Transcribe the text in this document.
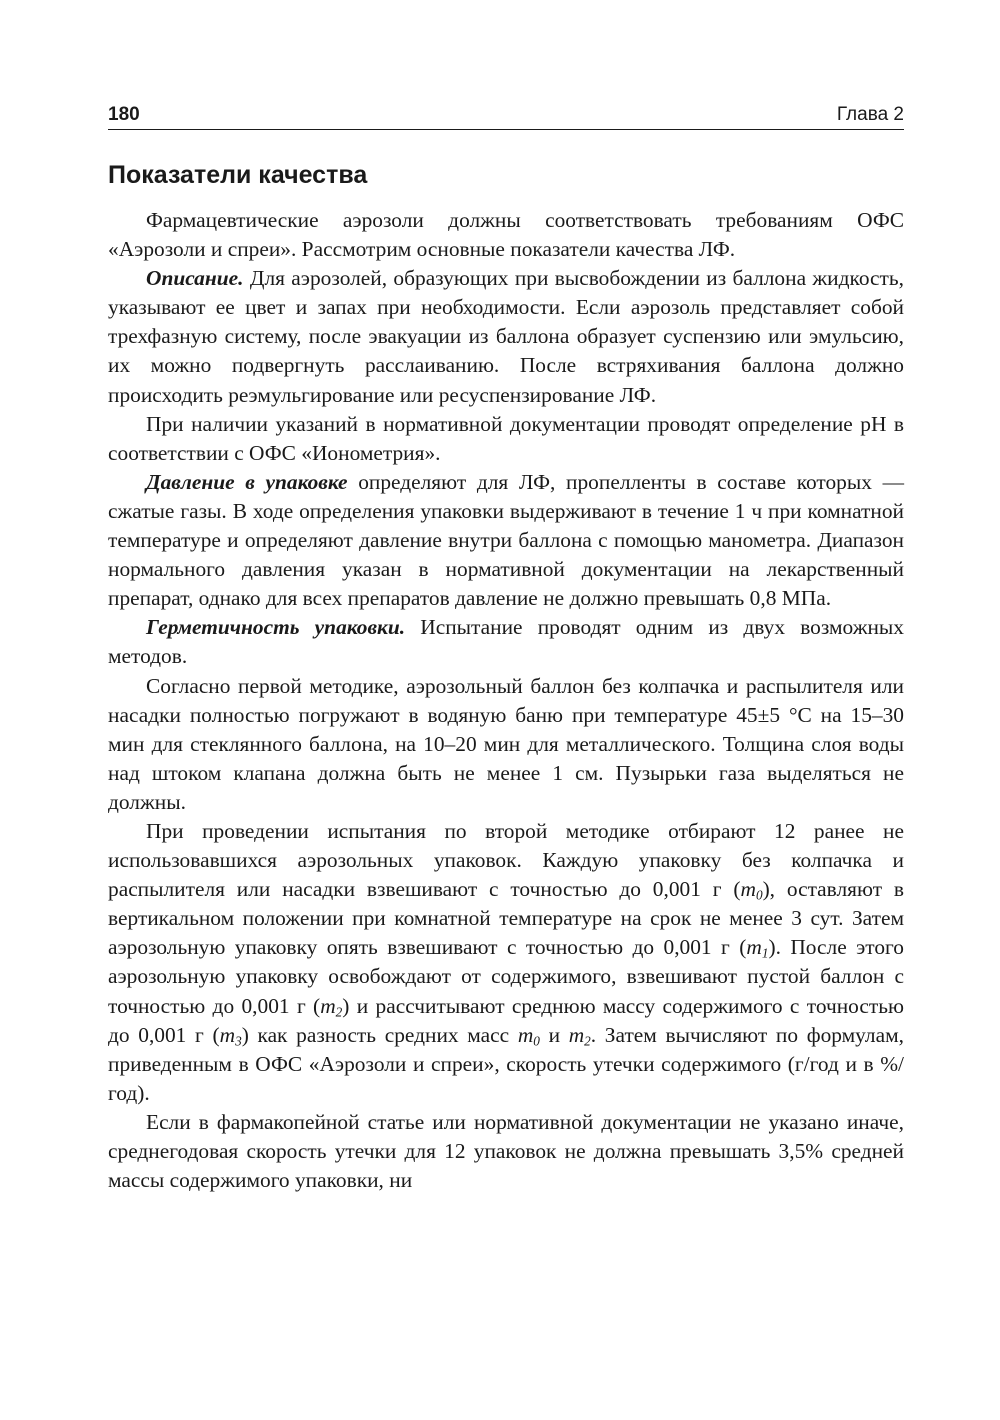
180	Глава 2
Показатели качества

Фармацевтические аэрозоли должны соответствовать требованиям ОФС «Аэрозоли и спреи». Рассмотрим основные показатели качества ЛФ.

Описание. Для аэрозолей, образующих при высвобождении из баллона жидкость, указывают ее цвет и запах при необходимости. Если аэрозоль представляет собой трехфазную систему, после эвакуации из баллона образует суспензию или эмульсию, их можно подвергнуть расслаиванию. После встряхивания баллона должно происходить реэмульгирование или ресуспензирование ЛФ.

При наличии указаний в нормативной документации проводят определение рН в соответствии с ОФС «Ионометрия».

Давление в упаковке определяют для ЛФ, пропелленты в составе которых — сжатые газы. В ходе определения упаковки выдерживают в течение 1 ч при комнатной температуре и определяют давление внутри баллона с помощью манометра. Диапазон нормального давления указан в нормативной документации на лекарственный препарат, однако для всех препаратов давление не должно превышать 0,8 МПа.

Герметичность упаковки. Испытание проводят одним из двух возможных методов.

Согласно первой методике, аэрозольный баллон без колпачка и распылителя или насадки полностью погружают в водяную баню при температуре 45±5 °С на 15–30 мин для стеклянного баллона, на 10–20 мин для металлического. Толщина слоя воды над штоком клапана должна быть не менее 1 см. Пузырьки газа выделяться не должны.

При проведении испытания по второй методике отбирают 12 ранее не использовавшихся аэрозольных упаковок. Каждую упаковку без колпачка и распылителя или насадки взвешивают с точностью до 0,001 г $(m_0)$, оставляют в вертикальном положении при комнатной температуре на срок не менее 3 сут. Затем аэрозольную упаковку опять взвешивают с точностью до 0,001 г $(m_1)$. После этого аэрозольную упаковку освобождают от содержимого, взвешивают пустой баллон с точностью до 0,001 г $(m_2)$ и рассчитывают среднюю массу содержимого с точностью до 0,001 г $(m_3)$ как разность средних масс $m_0$ и $m_2$. Затем вычисляют по формулам, приведенным в ОФС «Аэрозоли и спреи», скорость утечки содержимого (г/год и в %/год).

Если в фармакопейной статье или нормативной документации не указано иначе, среднегодовая скорость утечки для 12 упаковок не должна превышать 3,5% средней массы содержимого упаковки, ни
